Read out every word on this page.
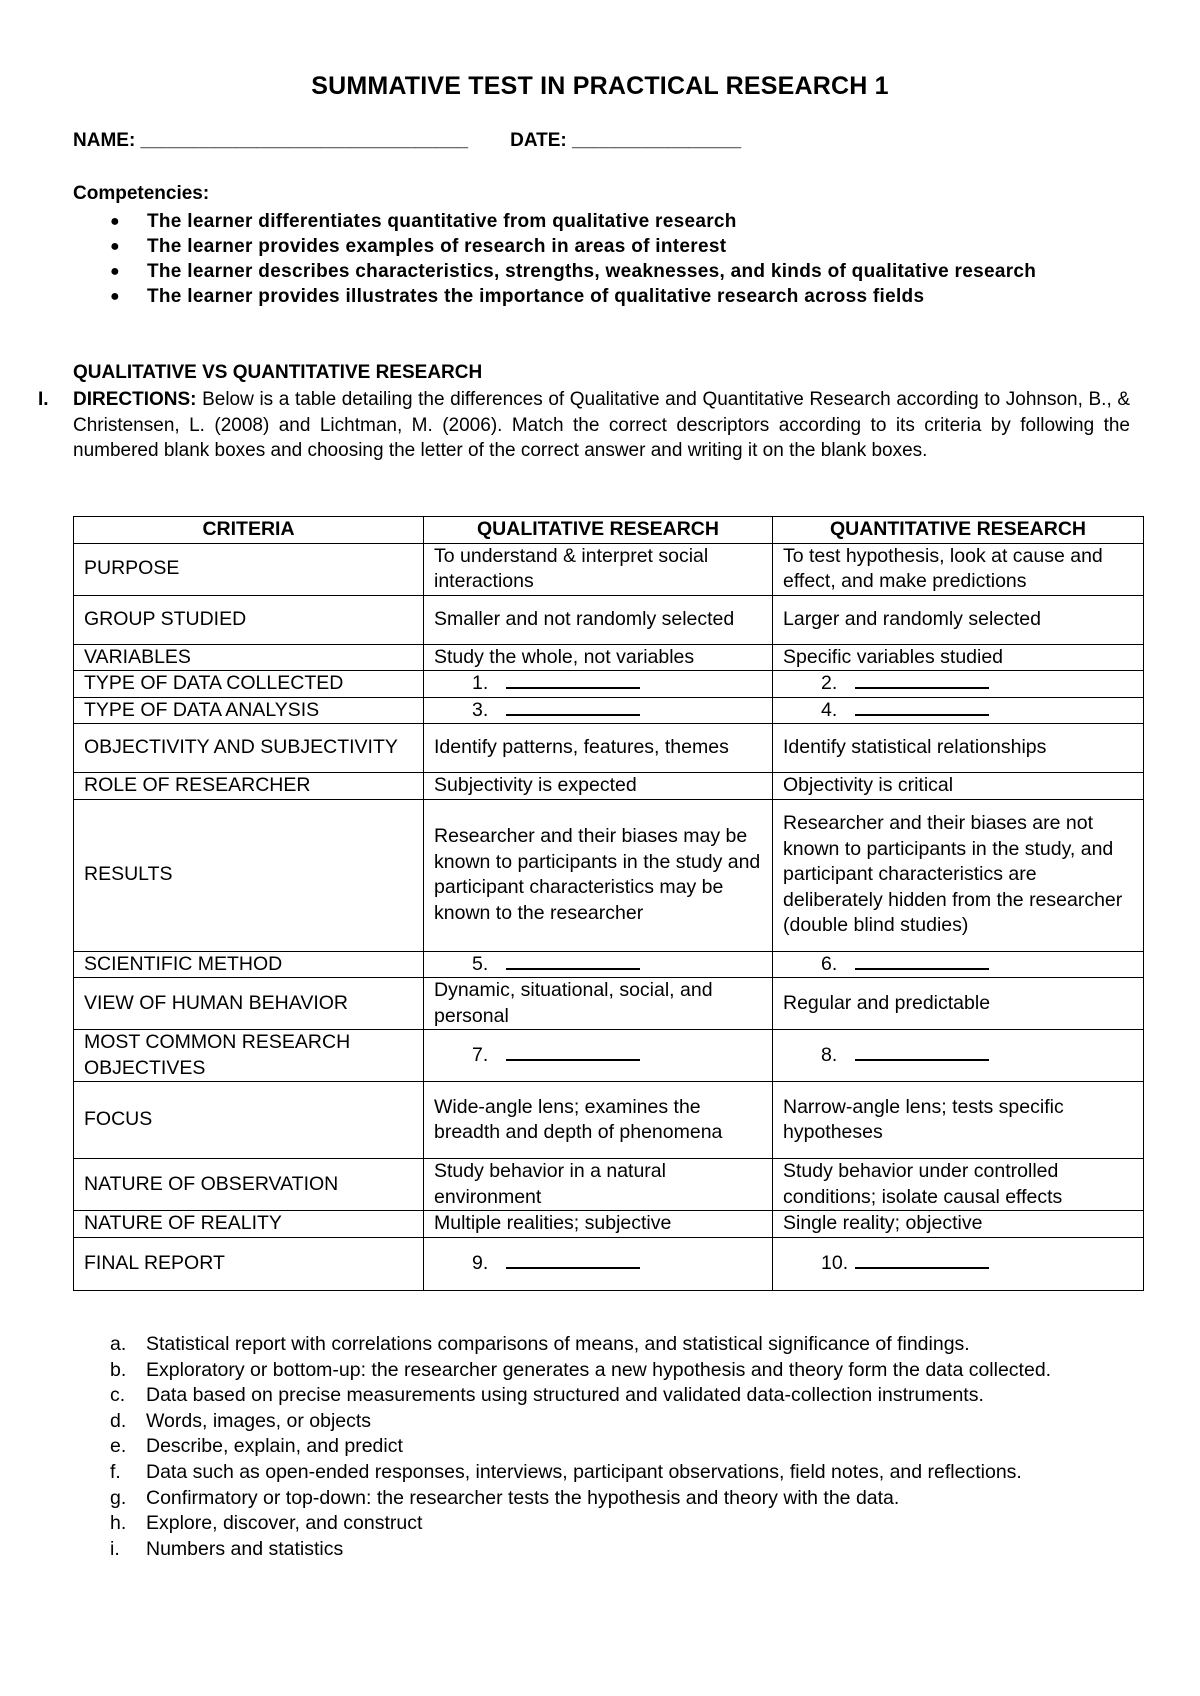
SUMMATIVE TEST IN PRACTICAL RESEARCH 1
NAME: _______________________________ DATE: ________________
Competencies:
● The learner differentiates quantitative from qualitative research
● The learner provides examples of research in areas of interest
● The learner describes characteristics, strengths, weaknesses, and kinds of qualitative research
● The learner provides illustrates the importance of qualitative research across fields
QUALITATIVE VS QUANTITATIVE RESEARCH
I. DIRECTIONS: Below is a table detailing the differences of Qualitative and Quantitative Research according to Johnson, B., & Christensen, L. (2008) and Lichtman, M. (2006). Match the correct descriptors according to its criteria by following the numbered blank boxes and choosing the letter of the correct answer and writing it on the blank boxes.
CRITERIA	QUALITATIVE RESEARCH	QUANTITATIVE RESEARCH
PURPOSE	To understand & interpret social interactions	To test hypothesis, look at cause and effect, and make predictions
GROUP STUDIED	Smaller and not randomly selected	Larger and randomly selected
VARIABLES	Study the whole, not variables	Specific variables studied
TYPE OF DATA COLLECTED	1.	2.
TYPE OF DATA ANALYSIS	3.	4.
OBJECTIVITY AND SUBJECTIVITY	Identify patterns, features, themes	Identify statistical relationships
ROLE OF RESEARCHER	Subjectivity is expected	Objectivity is critical
RESULTS	Researcher and their biases may be known to participants in the study and participant characteristics may be known to the researcher	Researcher and their biases are not known to participants in the study, and participant characteristics are deliberately hidden from the researcher (double blind studies)
SCIENTIFIC METHOD	5.	6.
VIEW OF HUMAN BEHAVIOR	Dynamic, situational, social, and personal	Regular and predictable
MOST COMMON RESEARCH OBJECTIVES	7.	8.
FOCUS	Wide-angle lens; examines the breadth and depth of phenomena	Narrow-angle lens; tests specific hypotheses
NATURE OF OBSERVATION	Study behavior in a natural environment	Study behavior under controlled conditions; isolate causal effects
NATURE OF REALITY	Multiple realities; subjective	Single reality; objective
FINAL REPORT	9.	10.
a. Statistical report with correlations comparisons of means, and statistical significance of findings.
b. Exploratory or bottom-up: the researcher generates a new hypothesis and theory form the data collected.
c. Data based on precise measurements using structured and validated data-collection instruments.
d. Words, images, or objects
e. Describe, explain, and predict
f. Data such as open-ended responses, interviews, participant observations, field notes, and reflections.
g. Confirmatory or top-down: the researcher tests the hypothesis and theory with the data.
h. Explore, discover, and construct
i. Numbers and statistics
